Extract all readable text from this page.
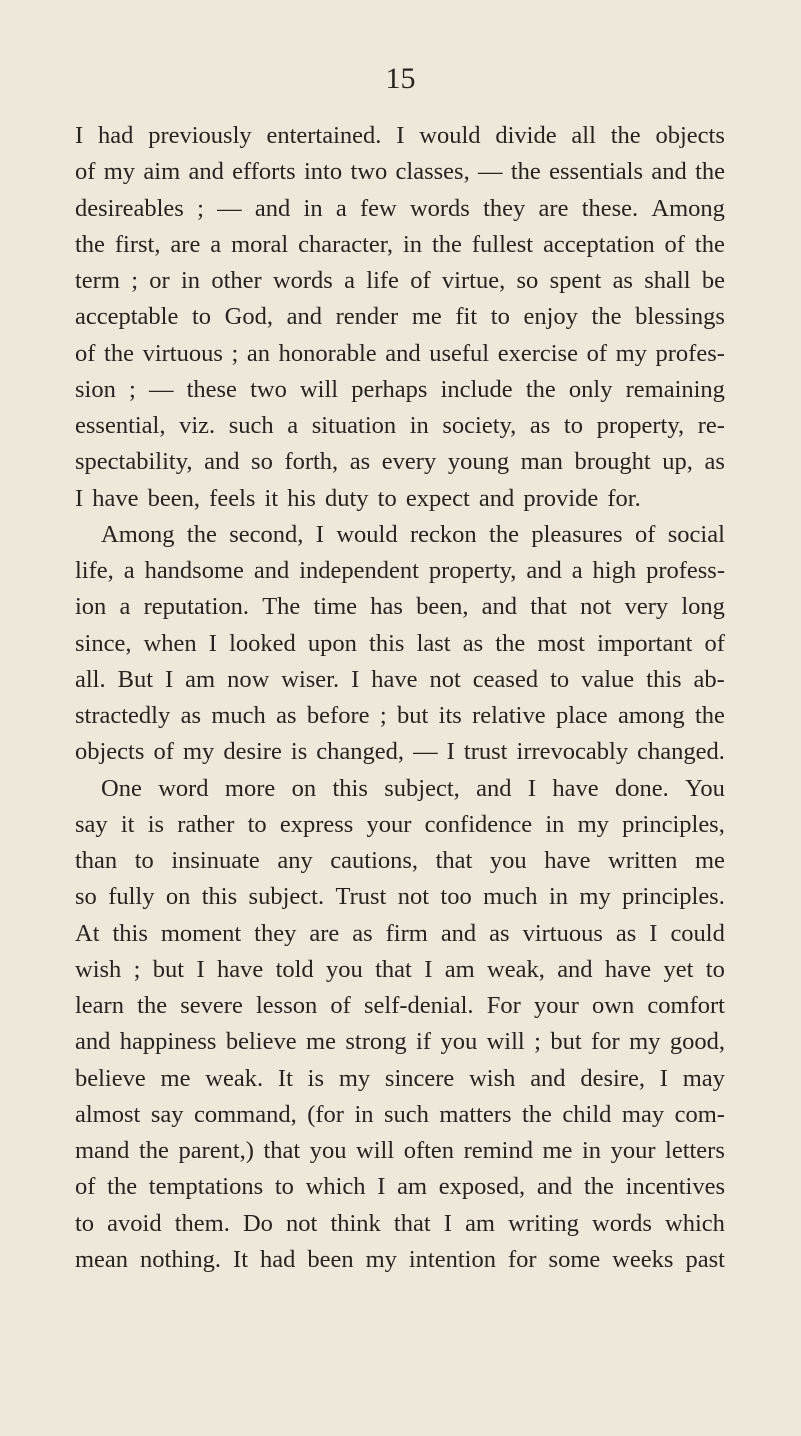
15
I had previously entertained. I would divide all the objects
of my aim and efforts into two classes, — the essentials and the
desireables ; — and in a few words they are these. Among
the first, are a moral character, in the fullest acceptation of the
term ; or in other words a life of virtue, so spent as shall be
acceptable to God, and render me fit to enjoy the blessings
of the virtuous ; an honorable and useful exercise of my profes-
sion ; — these two will perhaps include the only remaining
essential, viz. such a situation in society, as to property, re-
spectability, and so forth, as every young man brought up, as
I have been, feels it his duty to expect and provide for.
Among the second, I would reckon the pleasures of social
life, a handsome and independent property, and a high profess-
ion a reputation. The time has been, and that not very long
since, when I looked upon this last as the most important of
all. But I am now wiser. I have not ceased to value this ab-
stractedly as much as before ; but its relative place among the
objects of my desire is changed, — I trust irrevocably changed.
One word more on this subject, and I have done. You
say it is rather to express your confidence in my principles,
than to insinuate any cautions, that you have written me
so fully on this subject. Trust not too much in my principles.
At this moment they are as firm and as virtuous as I could
wish ; but I have told you that I am weak, and have yet to
learn the severe lesson of self-denial. For your own comfort
and happiness believe me strong if you will ; but for my good,
believe me weak. It is my sincere wish and desire, I may
almost say command, (for in such matters the child may com-
mand the parent,) that you will often remind me in your letters
of the temptations to which I am exposed, and the incentives
to avoid them. Do not think that I am writing words which
mean nothing. It had been my intention for some weeks past
